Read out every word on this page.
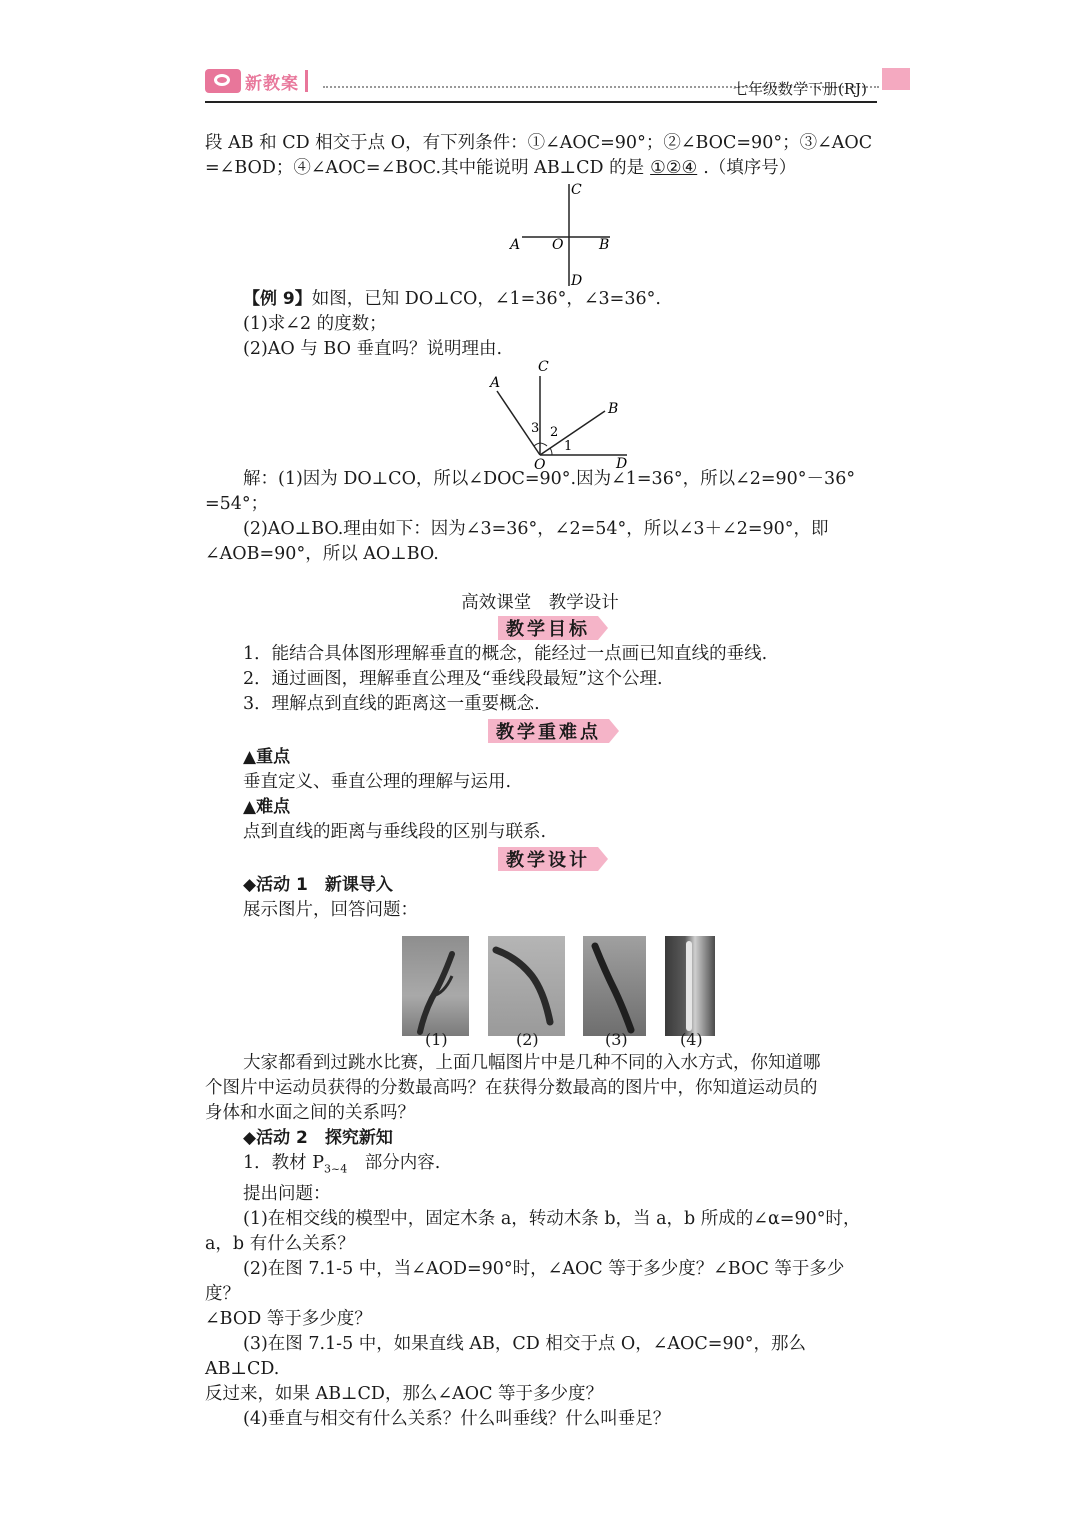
新教案	七年级数学下册(RJ)
段 AB 和 CD 相交于点 O，有下列条件：①∠AOC=90°；②∠BOC=90°；③∠AOC
=∠BOD；④∠AOC=∠BOC.其中能说明 AB⊥CD 的是 ①②④ .（填序号）
A O	B
C
D
【例 9】如图，已知 DO⊥CO，∠1=36°，∠3=36°.
(1)求∠2 的度数；
(2)AO 与 BO 垂直吗？说明理由.
A
C
B
O	D
3 2
1
解：(1)因为 DO⊥CO，所以∠DOC=90°.因为∠1=36°，所以∠2=90°－36°
=54°；
(2)AO⊥BO.理由如下：因为∠3=36°，∠2=54°，所以∠3＋∠2=90°，即
∠AOB=90°，所以 AO⊥BO.
高效课堂　教学设计
教学目标
1．能结合具体图形理解垂直的概念，能经过一点画已知直线的垂线.
2．通过画图，理解垂直公理及“垂线段最短”这个公理.
3．理解点到直线的距离这一重要概念.
教学重难点
▲重点
垂直定义、垂直公理的理解与运用.
▲难点
点到直线的距离与垂线段的区别与联系.
教学设计
◆活动 1　新课导入
展示图片，回答问题：
(1)	(2)	(3)	(4)
大家都看到过跳水比赛，上面几幅图片中是几种不同的入水方式，你知道哪
个图片中运动员获得的分数最高吗？在获得分数最高的图片中，你知道运动员的
身体和水面之间的关系吗？
◆活动 2　探究新知
1．教材 $P_{3\sim 4}$　部分内容.
提出问题：
(1)在相交线的模型中，固定木条 a，转动木条 b，当 a，b 所成的∠α=90°时，
a，b 有什么关系？
(2)在图 7.1-5 中，当∠AOD=90°时，∠AOC 等于多少度？∠BOC 等于多少度？
∠BOD 等于多少度？
(3)在图 7.1-5 中，如果直线 AB，CD 相交于点 O，∠AOC=90°，那么 AB⊥CD.
反过来，如果 AB⊥CD，那么∠AOC 等于多少度？
(4)垂直与相交有什么关系？什么叫垂线？什么叫垂足？
